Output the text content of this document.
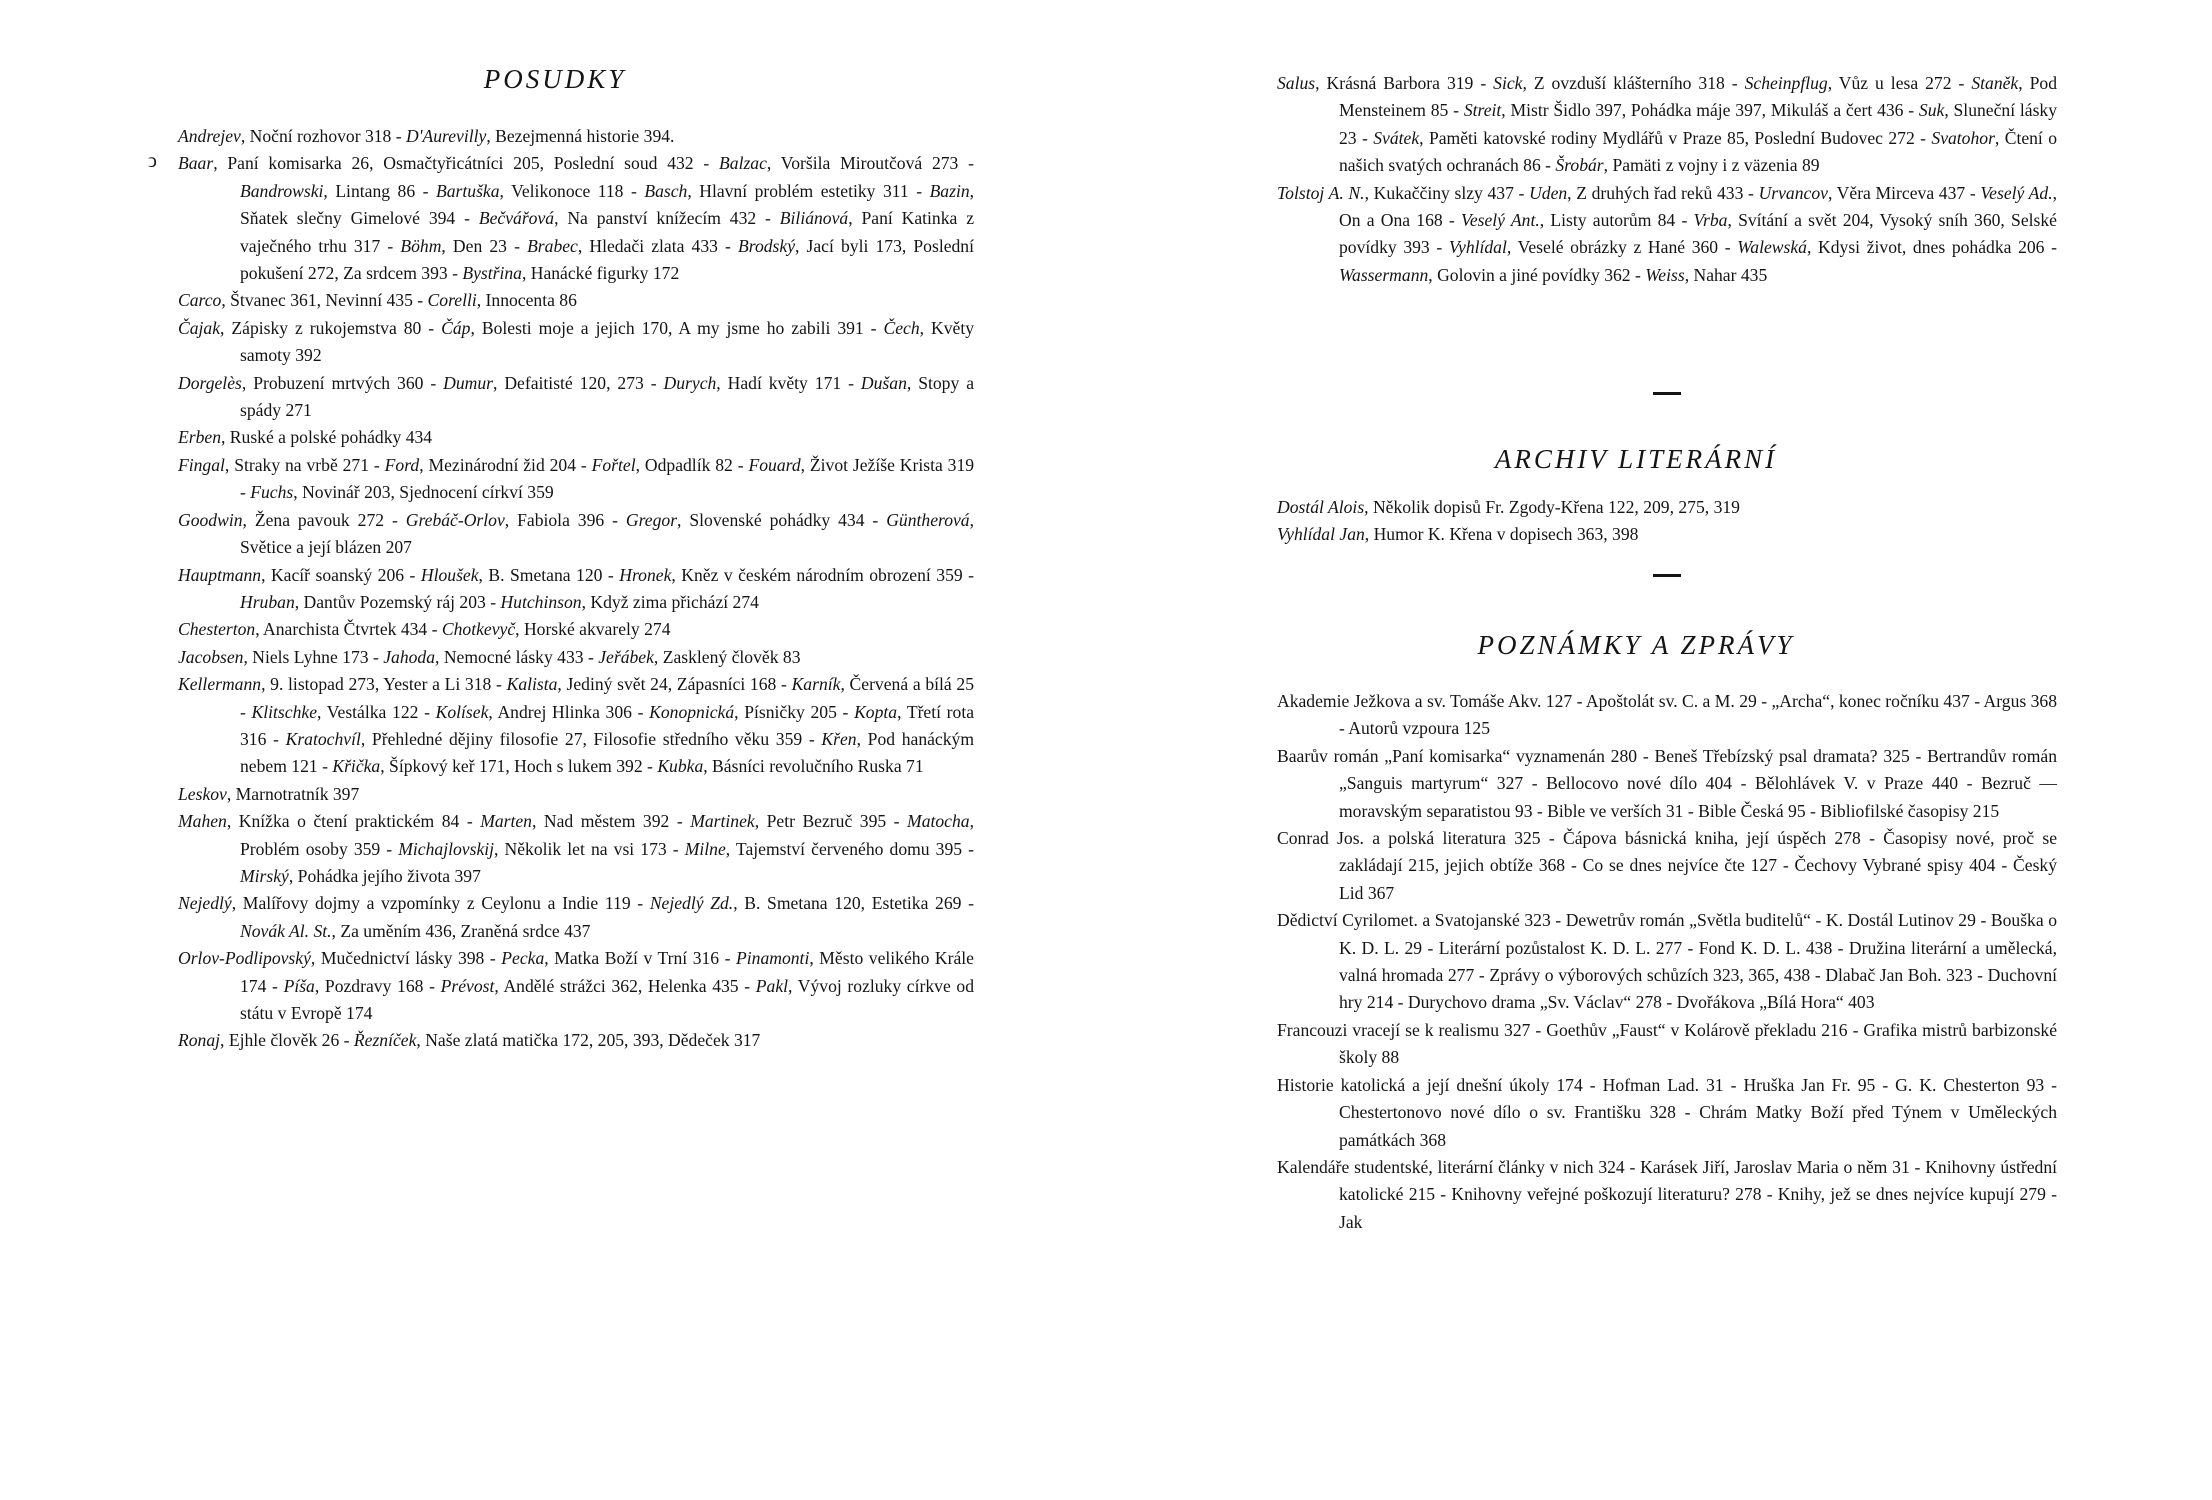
POSUDKY
ↄ

Andrejev, Noční rozhovor 318 - D'Aurevilly, Bezejmenná historie 394.

Baar, Paní komisarka 26, Osmačtyřicátníci 205, Poslední soud 432 - Balzac, Voršila Miroutčová 273 - Bandrowski, Lintang 86 - Bartuška, Velikonoce 118 - Basch, Hlavní problém estetiky 311 - Bazin, Sňatek slečny Gimelové 394 - Bečvářová, Na panství knížecím 432 - Biliánová, Paní Katinka z vaječného trhu 317 - Böhm, Den 23 - Brabec, Hledači zlata 433 - Brodský, Jací byli 173, Poslední pokušení 272, Za srdcem 393 - Bystřina, Hanácké figurky 172

Carco, Štvanec 361, Nevinní 435 - Corelli, Innocenta 86

Čajak, Zápisky z rukojemstva 80 - Čáp, Bolesti moje a jejich 170, A my jsme ho zabili 391 - Čech, Květy samoty 392

Dorgelès, Probuzení mrtvých 360 - Dumur, Defaitisté 120, 273 - Durych, Hadí květy 171 - Dušan, Stopy a spády 271

Erben, Ruské a polské pohádky 434

Fingal, Straky na vrbě 271 - Ford, Mezinárodní žid 204 - Fořtel, Odpadlík 82 - Fouard, Život Ježíše Krista 319 - Fuchs, Novinář 203, Sjednocení církví 359

Goodwin, Žena pavouk 272 - Grebáč-Orlov, Fabiola 396 - Gregor, Slovenské pohádky 434 - Güntherová, Světice a její blázen 207

Hauptmann, Kacíř soanský 206 - Hloušek, B. Smetana 120 - Hronek, Kněz v českém národním obrození 359 - Hruban, Dantův Pozemský ráj 203 - Hutchinson, Když zima přichází 274

Chesterton, Anarchista Čtvrtek 434 - Chotkevyč, Horské akvarely 274

Jacobsen, Niels Lyhne 173 - Jahoda, Nemocné lásky 433 - Jeřábek, Zasklený člověk 83

Kellermann, 9. listopad 273, Yester a Li 318 - Kalista, Jediný svět 24, Zápasníci 168 - Karník, Červená a bílá 25 - Klitschke, Vestálka 122 - Kolísek, Andrej Hlinka 306 - Konopnická, Písničky 205 - Kopta, Třetí rota 316 - Kratochvíl, Přehledné dějiny filosofie 27, Filosofie středního věku 359 - Křen, Pod hanáckým nebem 121 - Křička, Šípkový keř 171, Hoch s lukem 392 - Kubka, Básníci revolučního Ruska 71

Leskov, Marnotratník 397

Mahen, Knížka o čtení praktickém 84 - Marten, Nad městem 392 - Martinek, Petr Bezruč 395 - Matocha, Problém osoby 359 - Michajlovskij, Několik let na vsi 173 - Milne, Tajemství červeného domu 395 - Mirský, Pohádka jejího života 397

Nejedlý, Malířovy dojmy a vzpomínky z Ceylonu a Indie 119 - Nejedlý Zd., B. Smetana 120, Estetika 269 - Novák Al. St., Za uměním 436, Zraněná srdce 437

Orlov-Podlipovský, Mučednictví lásky 398 - Pecka, Matka Boží v Trní 316 - Pinamonti, Město velikého Krále 174 - Píša, Pozdravy 168 - Prévost, Andělé strážci 362, Helenka 435 - Pakl, Vývoj rozluky církve od státu v Evropě 174

Ronaj, Ejhle člověk 26 - Řezníček, Naše zlatá matička 172, 205, 393, Dědeček 317

Salus, Krásná Barbora 319 - Sick, Z ovzduší klášterního 318 - Scheinpflug, Vůz u lesa 272 - Staněk, Pod Mensteinem 85 - Streit, Mistr Šidlo 397, Pohádka máje 397, Mikuláš a čert 436 - Suk, Sluneční lásky 23 - Svátek, Paměti katovské rodiny Mydlářů v Praze 85, Poslední Budovec 272 - Svatohor, Čtení o našich svatých ochranách 86 - Šrobár, Pamäti z vojny i z väzenia 89

Tolstoj A. N., Kukaččiny slzy 437 - Uden, Z druhých řad reků 433 - Urvancov, Věra Mirceva 437 - Veselý Ad., On a Ona 168 - Veselý Ant., Listy autorům 84 - Vrba, Svítání a svět 204, Vysoký sníh 360, Selské povídky 393 - Vyhlídal, Veselé obrázky z Hané 360 - Walewská, Kdysi život, dnes pohádka 206 - Wassermann, Golovin a jiné povídky 362 - Weiss, Nahar 435

ARCHIV LITERÁRNÍ

Dostál Alois, Několik dopisů Fr. Zgody-Křena 122, 209, 275, 319

Vyhlídal Jan, Humor K. Křena v dopisech 363, 398

POZNÁMKY A ZPRÁVY

Akademie Ježkova a sv. Tomáše Akv. 127 - Apoštolát sv. C. a M. 29 - „Archa“, konec ročníku 437 - Argus 368 - Autorů vzpoura 125

Baarův román „Paní komisarka“ vyznamenán 280 - Beneš Třebízský psal dramata? 325 - Bertrandův román „Sanguis martyrum“ 327 - Bellocovo nové dílo 404 - Bělohlávek V. v Praze 440 - Bezruč — moravským separatistou 93 - Bible ve verších 31 - Bible Česká 95 - Bibliofilské časopisy 215

Conrad Jos. a polská literatura 325 - Čápova básnická kniha, její úspěch 278 - Časopisy nové, proč se zakládají 215, jejich obtíže 368 - Co se dnes nejvíce čte 127 - Čechovy Vybrané spisy 404 - Český Lid 367

Dědictví Cyrilomet. a Svatojanské 323 - Dewetrův román „Světla buditelů“ - K. Dostál Lutinov 29 - Bouška o K. D. L. 29 - Literární pozůstalost K. D. L. 277 - Fond K. D. L. 438 - Družina literární a umělecká, valná hromada 277 - Zprávy o výborových schůzích 323, 365, 438 - Dlabač Jan Boh. 323 - Duchovní hry 214 - Durychovo drama „Sv. Václav“ 278 - Dvořákova „Bílá Hora“ 403

Francouzi vracejí se k realismu 327 - Goethův „Faust“ v Kolárově překladu 216 - Grafika mistrů barbizonské školy 88

Historie katolická a její dnešní úkoly 174 - Hofman Lad. 31 - Hruška Jan Fr. 95 - G. K. Chesterton 93 - Chestertonovo nové dílo o sv. Františku 328 - Chrám Matky Boží před Týnem v Uměleckých památkách 368

Kalendáře studentské, literární články v nich 324 - Karásek Jiří, Jaroslav Maria o něm 31 - Knihovny ústřední katolické 215 - Knihovny veřejné poškozují literaturu? 278 - Knihy, jež se dnes nejvíce kupují 279 - Jak
